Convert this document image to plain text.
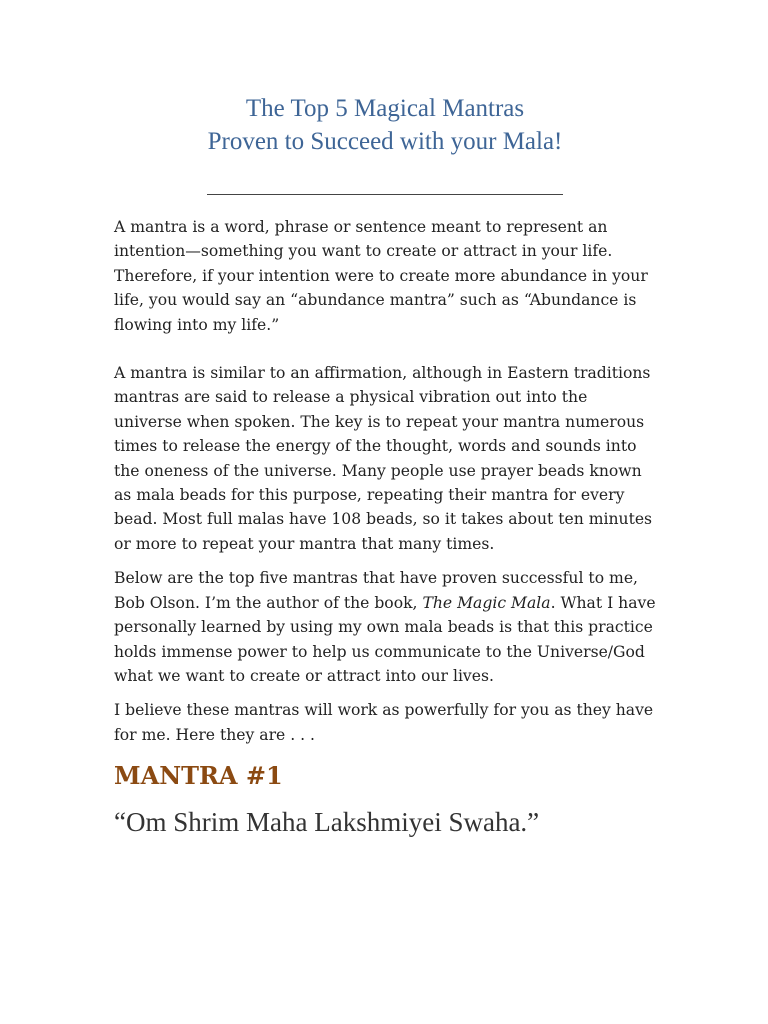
The Top 5 Magical Mantras

Proven to Succeed with your Mala!

A mantra is a word, phrase or sentence meant to represent an intention—something you want to create or attract in your life. Therefore, if your intention were to create more abundance in your life, you would say an “abundance mantra” such as “Abundance is flowing into my life.”

A mantra is similar to an affirmation, although in Eastern traditions mantras are said to release a physical vibration out into the universe when spoken. The key is to repeat your mantra numerous times to release the energy of the thought, words and sounds into the oneness of the universe. Many people use prayer beads known as mala beads for this purpose, repeating their mantra for every bead. Most full malas have 108 beads, so it takes about ten minutes or more to repeat your mantra that many times.

Below are the top five mantras that have proven successful to me, Bob Olson. I’m the author of the book, The Magic Mala. What I have personally learned by using my own mala beads is that this practice holds immense power to help us communicate to the Universe/God what we want to create or attract into our lives.

I believe these mantras will work as powerfully for you as they have for me. Here they are . . .

MANTRA #1

“Om Shrim Maha Lakshmiyei Swaha.”
